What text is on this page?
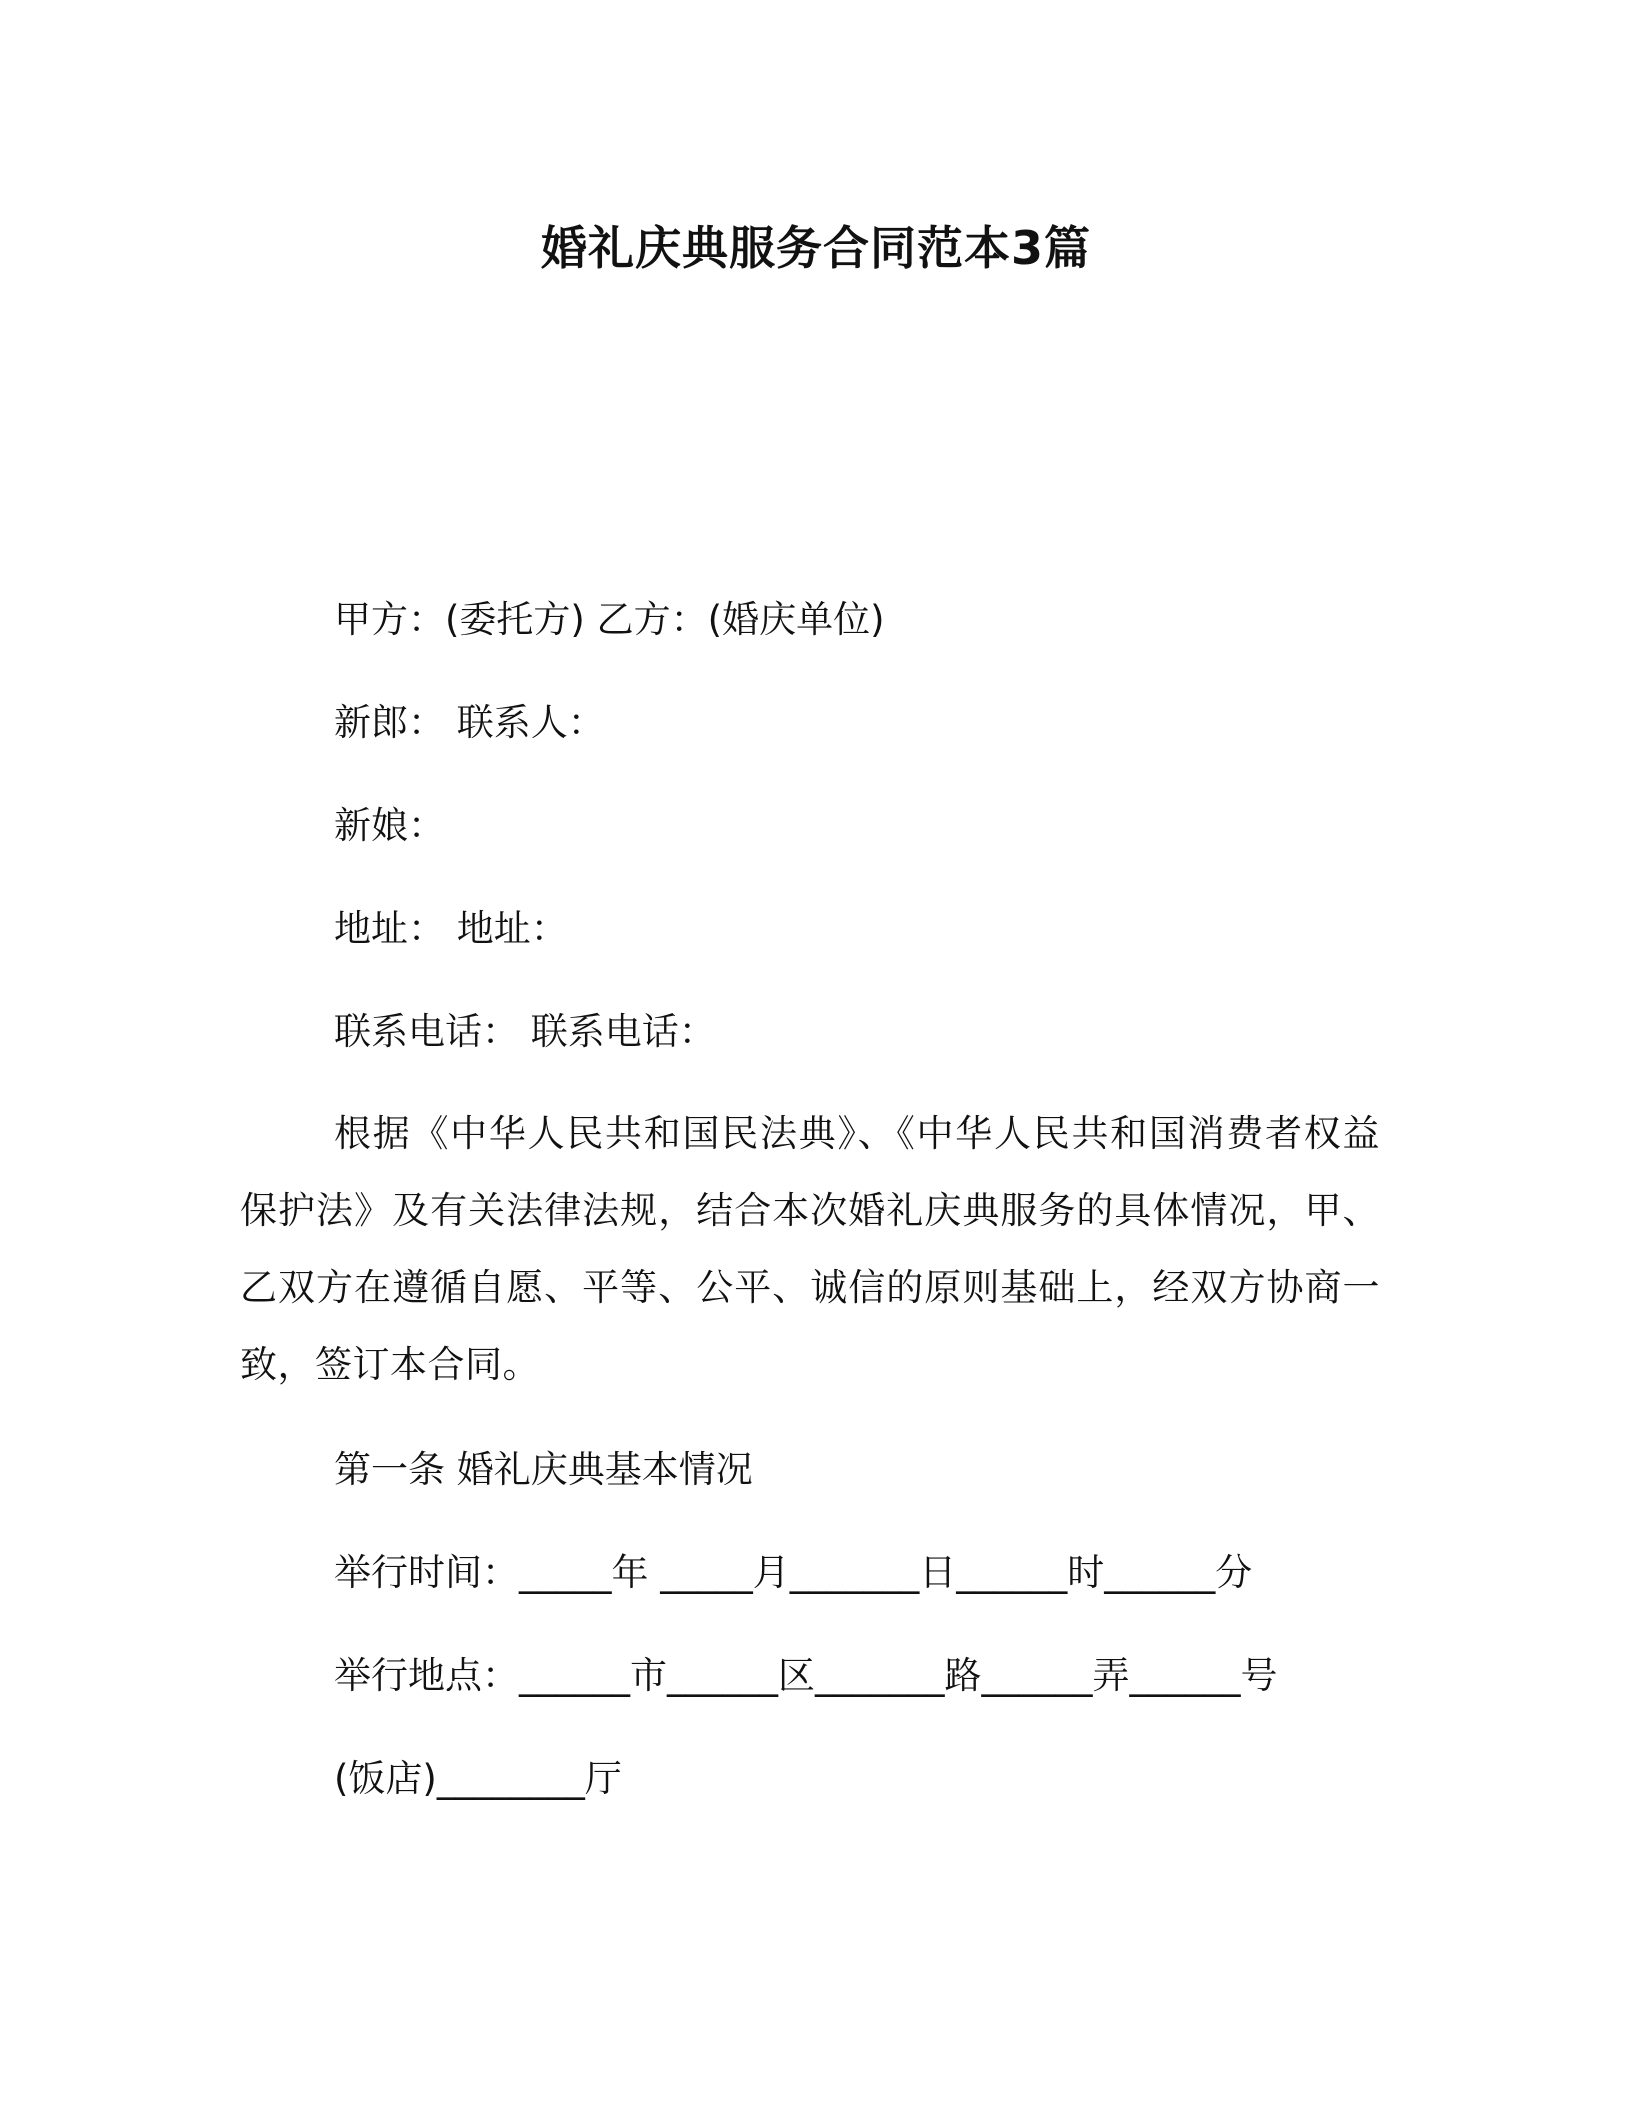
婚礼庆典服务合同范本3篇
甲方：(委托方) 乙方：(婚庆单位)
新郎： 联系人：
新娘：
地址： 地址：
联系电话： 联系电话：
根据《中华人民共和国民法典》、《中华人民共和国消费者权益保护法》及有关法律法规，结合本次婚礼庆典服务的具体情况，甲、乙双方在遵循自愿、平等、公平、诚信的原则基础上，经双方协商一致，签订本合同。
第一条 婚礼庆典基本情况
举行时间：_____年 _____月_______日______时______分
举行地点：______市______区_______路______弄______号
(饭店)________厅
